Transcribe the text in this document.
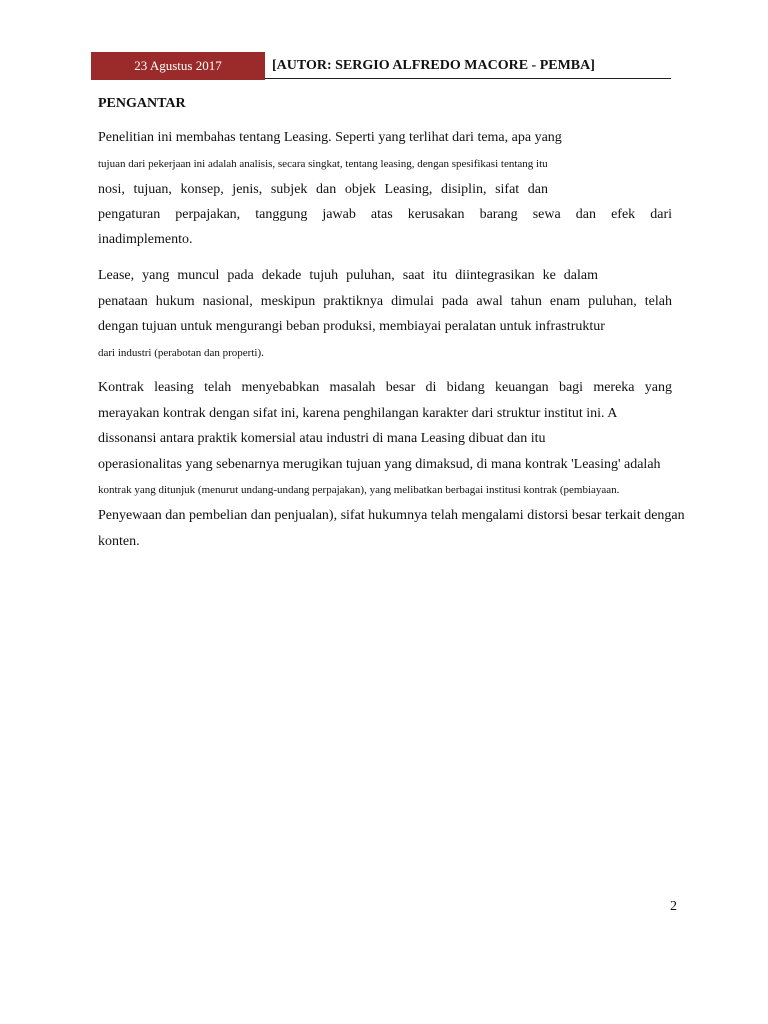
23 Agustus 2017	[AUTOR: SERGIO ALFREDO MACORE - PEMBA]
PENGANTAR
Penelitian ini membahas tentang Leasing. Seperti yang terlihat dari tema, apa yang
tujuan dari pekerjaan ini adalah analisis, secara singkat, tentang leasing, dengan spesifikasi tentang itu
nosi, tujuan, konsep, jenis, subjek dan objek Leasing, disiplin, sifat dan
pengaturan perpajakan, tanggung jawab atas kerusakan barang sewa dan efek dari
inadimplemento.
Lease, yang muncul pada dekade tujuh puluhan, saat itu diintegrasikan ke dalam
penataan hukum nasional, meskipun praktiknya dimulai pada awal tahun enam puluhan, telah
dengan tujuan untuk mengurangi beban produksi, membiayai peralatan untuk infrastruktur
dari industri (perabotan dan properti).
Kontrak leasing telah menyebabkan masalah besar di bidang keuangan bagi mereka yang
merayakan kontrak dengan sifat ini, karena penghilangan karakter dari struktur institut ini. A
dissonansi antara praktik komersial atau industri di mana Leasing dibuat dan itu
operasionalitas yang sebenarnya merugikan tujuan yang dimaksud, di mana kontrak 'Leasing' adalah
kontrak yang ditunjuk (menurut undang-undang perpajakan), yang melibatkan berbagai institusi kontrak (pembiayaan.
Penyewaan dan pembelian dan penjualan), sifat hukumnya telah mengalami distorsi besar terkait dengan
konten.
2
